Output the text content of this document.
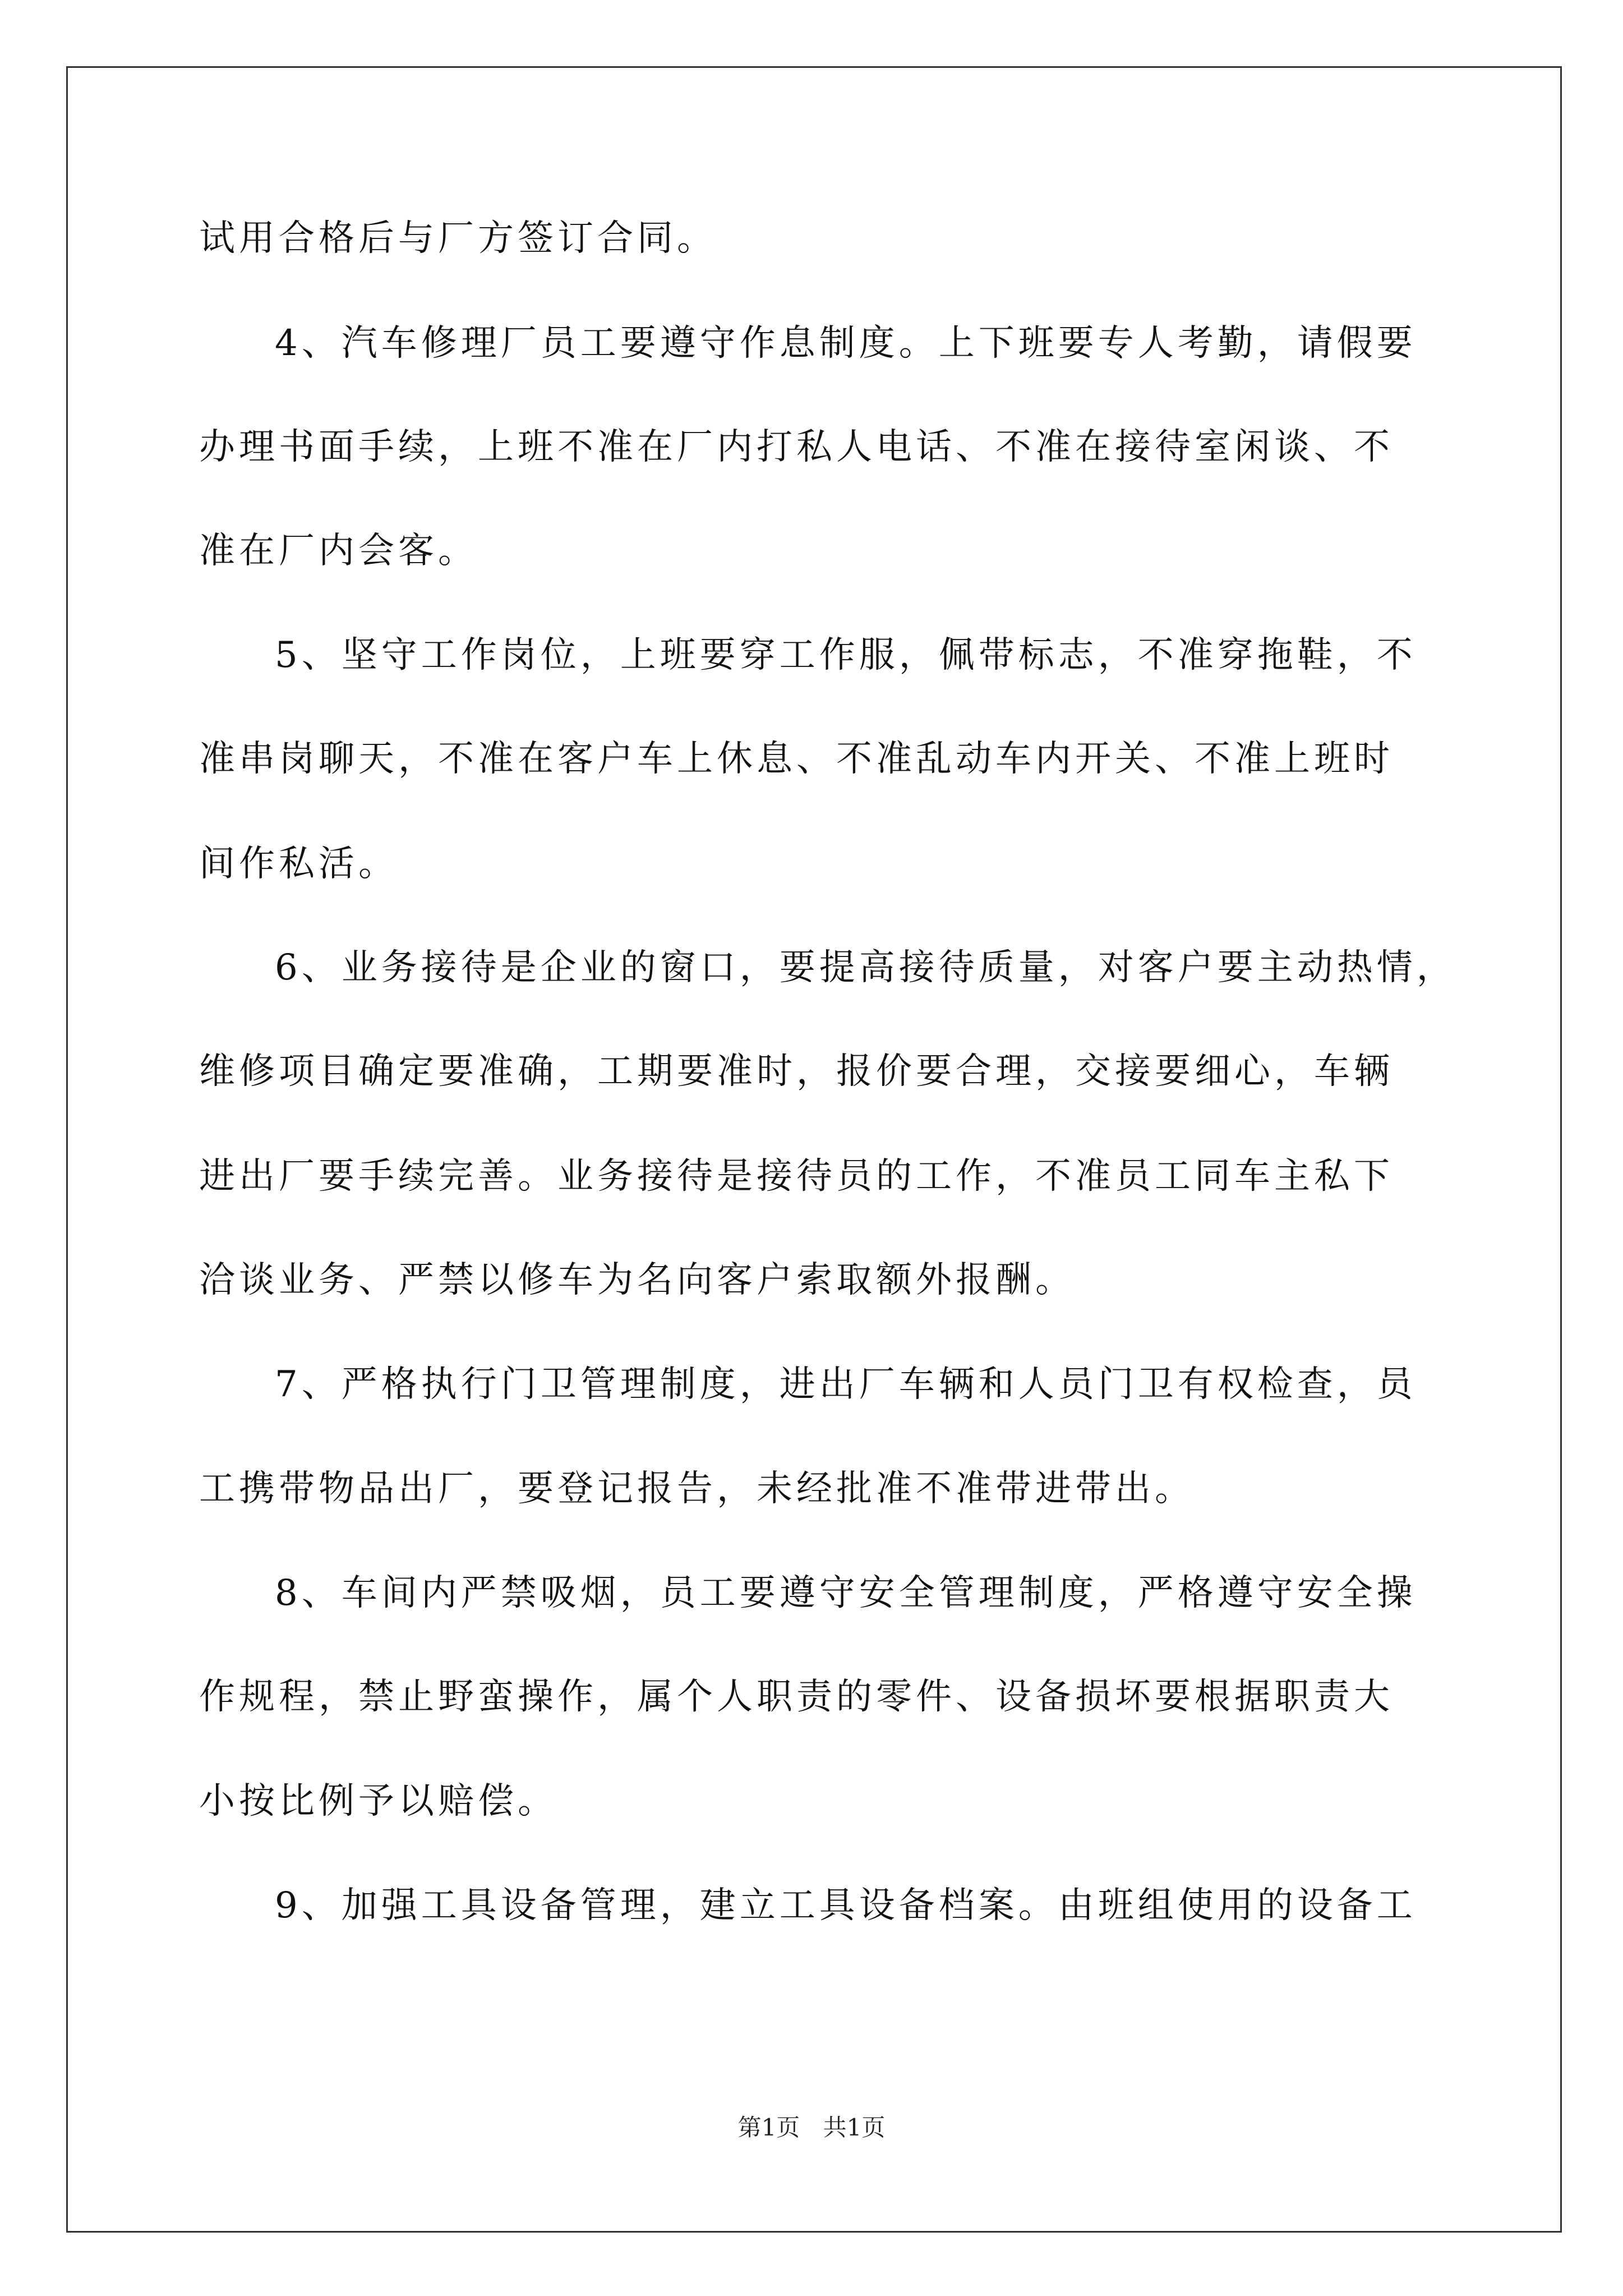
试用合格后与厂方签订合同。
4、汽车修理厂员工要遵守作息制度。上下班要专人考勤，请假要
办理书面手续，上班不准在厂内打私人电话、不准在接待室闲谈、不
准在厂内会客。
5、坚守工作岗位，上班要穿工作服，佩带标志，不准穿拖鞋，不
准串岗聊天，不准在客户车上休息、不准乱动车内开关、不准上班时
间作私活。
6、业务接待是企业的窗口，要提高接待质量，对客户要主动热情，
维修项目确定要准确，工期要准时，报价要合理，交接要细心，车辆
进出厂要手续完善。业务接待是接待员的工作，不准员工同车主私下
洽谈业务、严禁以修车为名向客户索取额外报酬。
7、严格执行门卫管理制度，进出厂车辆和人员门卫有权检查，员
工携带物品出厂，要登记报告，未经批准不准带进带出。
8、车间内严禁吸烟，员工要遵守安全管理制度，严格遵守安全操
作规程，禁止野蛮操作，属个人职责的零件、设备损坏要根据职责大
小按比例予以赔偿。
9、加强工具设备管理，建立工具设备档案。由班组使用的设备工
第1页 共1页
